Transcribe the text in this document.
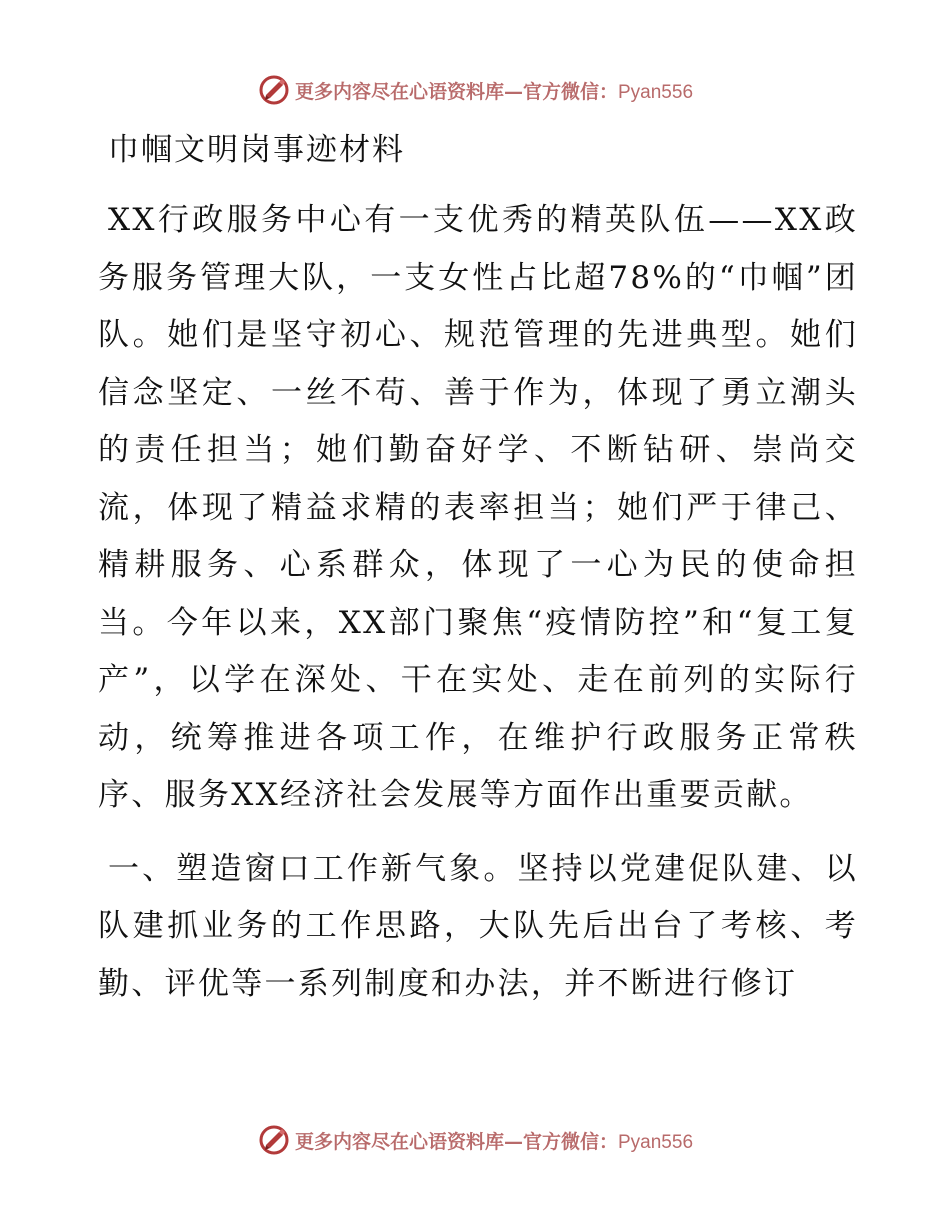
更多内容尽在心语资料库—官方微信：Pyan556
巾帼文明岗事迹材料

XX行政服务中心有一支优秀的精英队伍——XX政务服务管理大队，一支女性占比超78%的“巾帼”团队。她们是坚守初心、规范管理的先进典型。她们信念坚定、一丝不苟、善于作为，体现了勇立潮头的责任担当；她们勤奋好学、不断钻研、崇尚交流，体现了精益求精的表率担当；她们严于律己、精耕服务、心系群众，体现了一心为民的使命担当。今年以来，XX部门聚焦“疫情防控”和“复工复产”，以学在深处、干在实处、走在前列的实际行动，统筹推进各项工作，在维护行政服务正常秩序、服务XX经济社会发展等方面作出重要贡献。

一、塑造窗口工作新气象。坚持以党建促队建、以队建抓业务的工作思路，大队先后出台了考核、考勤、评优等一系列制度和办法，并不断进行修订

更多内容尽在心语资料库—官方微信：Pyan556
